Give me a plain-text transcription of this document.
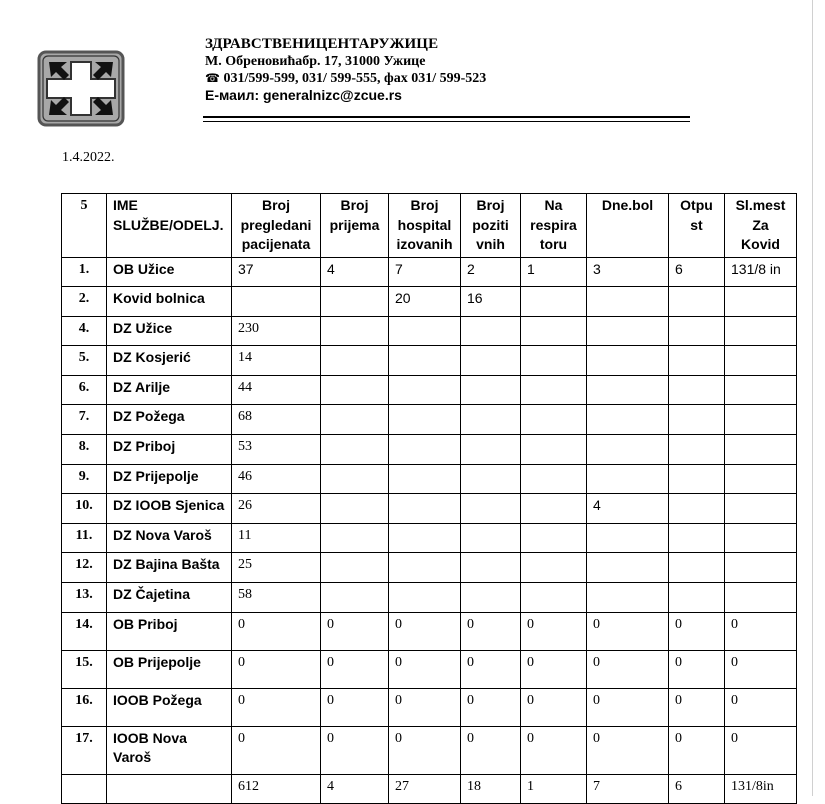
ЗДРАВСТВЕНИЦЕНТАРУЖИЦЕ
М. Обреновићабр. 17, 31000 Ужице
☎ 031/599-599, 031/ 599-555, фах 031/ 599-523
Е-маил: generalnizc@zcue.rs
1.4.2022.
5	IME SLUŽBE/ODELJ.	Broj pregledani pacijenata	Broj prijema	Broj hospital izovanih	Broj poziti vnih	Na respira toru	Dne.bol	Otpu st	Sl.mest Za Kovid
1.	OB Užice	37	4	7	2	1	3	6	131/8 in
2.	Kovid bolnica			20	16				
4.	DZ Užice	230							
5.	DZ Kosjerić	14							
6.	DZ Arilje	44							
7.	DZ Požega	68							
8.	DZ Priboj	53							
9.	DZ Prijepolje	46							
10.	DZ IOOB Sjenica	26					4		
11.	DZ Nova Varoš	11							
12.	DZ Bajina Bašta	25							
13.	DZ Čajetina	58							
14.	OB Priboj	0	0	0	0	0	0	0	0
15.	OB Prijepolje	0	0	0	0	0	0	0	0
16.	IOOB Požega	0	0	0	0	0	0	0	0
17.	IOOB Nova Varoš	0	0	0	0	0	0	0	0
		612	4	27	18	1	7	6	131/8in
